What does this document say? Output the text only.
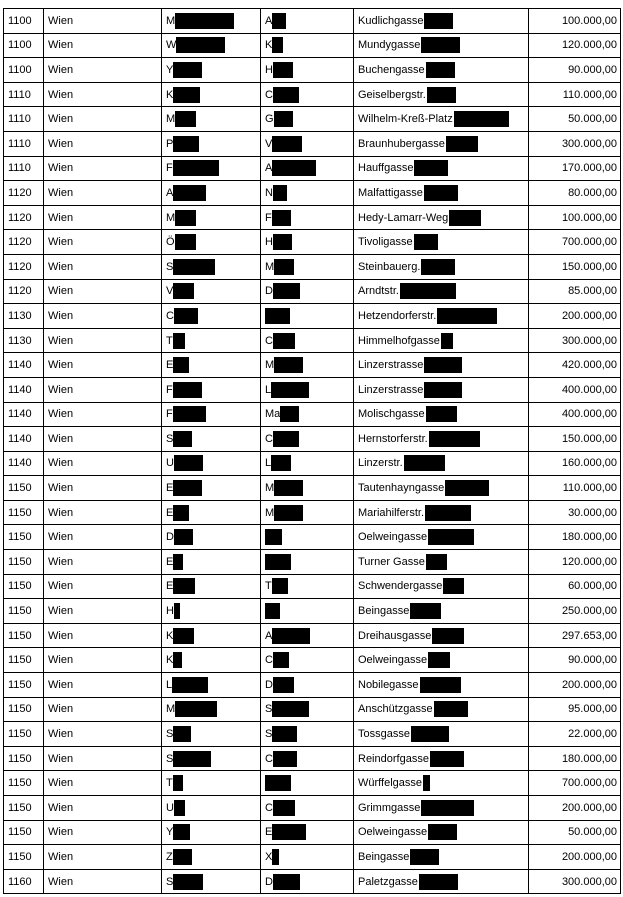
1100	Wien	M	A	Kudlichgasse	100.000,00
1100	Wien	W	K	Mundygasse	120.000,00
1100	Wien	Y	H	Buchengasse	90.000,00
1110	Wien	K	C	Geiselbergstr.	110.000,00
1110	Wien	M	G	Wilhelm-Kreß-Platz	50.000,00
1110	Wien	P	V	Braunhubergasse	300.000,00
1110	Wien	F	A	Hauffgasse	170.000,00
1120	Wien	A	N	Malfattigasse	80.000,00
1120	Wien	M	F	Hedy-Lamarr-Weg	100.000,00
1120	Wien	Ö	H	Tivoligasse	700.000,00
1120	Wien	S	M	Steinbauerg.	150.000,00
1120	Wien	V	D	Arndtstr.	85.000,00
1130	Wien	C		Hetzendorferstr.	200.000,00
1130	Wien	T	C	Himmelhofgasse	300.000,00
1140	Wien	E	M	Linzerstrasse	420.000,00
1140	Wien	F	L	Linzerstrasse	400.000,00
1140	Wien	F	Ma	Molischgasse	400.000,00
1140	Wien	S	C	Hernstorferstr.	150.000,00
1140	Wien	U	L	Linzerstr.	160.000,00
1150	Wien	E	M	Tautenhayngasse	110.000,00
1150	Wien	E	M	Mariahilferstr.	30.000,00
1150	Wien	D		Oelweingasse	180.000,00
1150	Wien	E		Turner Gasse	120.000,00
1150	Wien	E	T	Schwendergasse	60.000,00
1150	Wien	H		Beingasse	250.000,00
1150	Wien	K	A	Dreihausgasse	297.653,00
1150	Wien	K	C	Oelweingasse	90.000,00
1150	Wien	L	D	Nobilegasse	200.000,00
1150	Wien	M	S	Anschützgasse	95.000,00
1150	Wien	S	S	Tossgasse	22.000,00
1150	Wien	S	C	Reindorfgasse	180.000,00
1150	Wien	T		Würffelgasse	700.000,00
1150	Wien	U	C	Grimmgasse	200.000,00
1150	Wien	Y	E	Oelweingasse	50.000,00
1150	Wien	Z	X	Beingasse	200.000,00
1160	Wien	S	D	Paletzgasse	300.000,00
